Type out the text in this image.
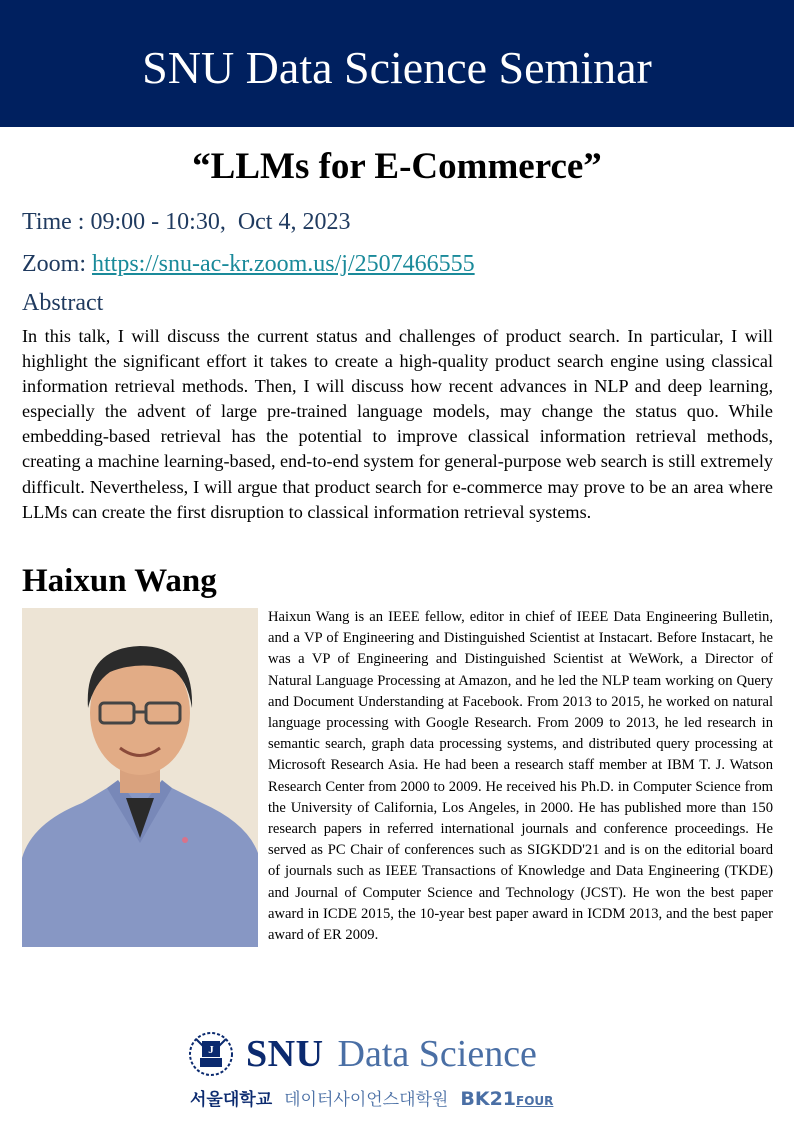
SNU Data Science Seminar
“LLMs for E-Commerce”
Time : 09:00 - 10:30,  Oct 4, 2023
Zoom: https://snu-ac-kr.zoom.us/j/2507466555
Abstract
In this talk, I will discuss the current status and challenges of product search. In particular, I will highlight the significant effort it takes to create a high-quality product search engine using classical information retrieval methods. Then, I will discuss how recent advances in NLP and deep learning, especially the advent of large pre-trained language models, may change the status quo. While embedding-based retrieval has the potential to improve classical information retrieval methods, creating a machine learning-based, end-to-end system for general-purpose web search is still extremely difficult. Nevertheless, I will argue that product search for e-commerce may prove to be an area where LLMs can create the first disruption to classical information retrieval systems.
Haixun Wang
Haixun Wang is an IEEE fellow, editor in chief of IEEE Data Engineering Bulletin, and a VP of Engineering and Distinguished Scientist at Instacart. Before Instacart, he was a VP of Engineering and Distinguished Scientist at WeWork, a Director of Natural Language Processing at Amazon, and he led the NLP team working on Query and Document Understanding at Facebook. From 2013 to 2015, he worked on natural language processing with Google Research. From 2009 to 2013, he led research in semantic search, graph data processing systems, and distributed query processing at Microsoft Research Asia. He had been a research staff member at IBM T. J. Watson Research Center from 2000 to 2009. He received his Ph.D. in Computer Science from the University of California, Los Angeles, in 2000. He has published more than 150 research papers in referred international journals and conference proceedings. He served as PC Chair of conferences such as SIGKDD'21 and is on the editorial board of journals such as IEEE Transactions of Knowledge and Data Engineering (TKDE) and Journal of Computer Science and Technology (JCST). He won the best paper award in ICDE 2015, the 10-year best paper award in ICDM 2013, and the best paper award of ER 2009.
J SNU Data Science
서울대학교 데이터사이언스대학원 BK21 FOUR
